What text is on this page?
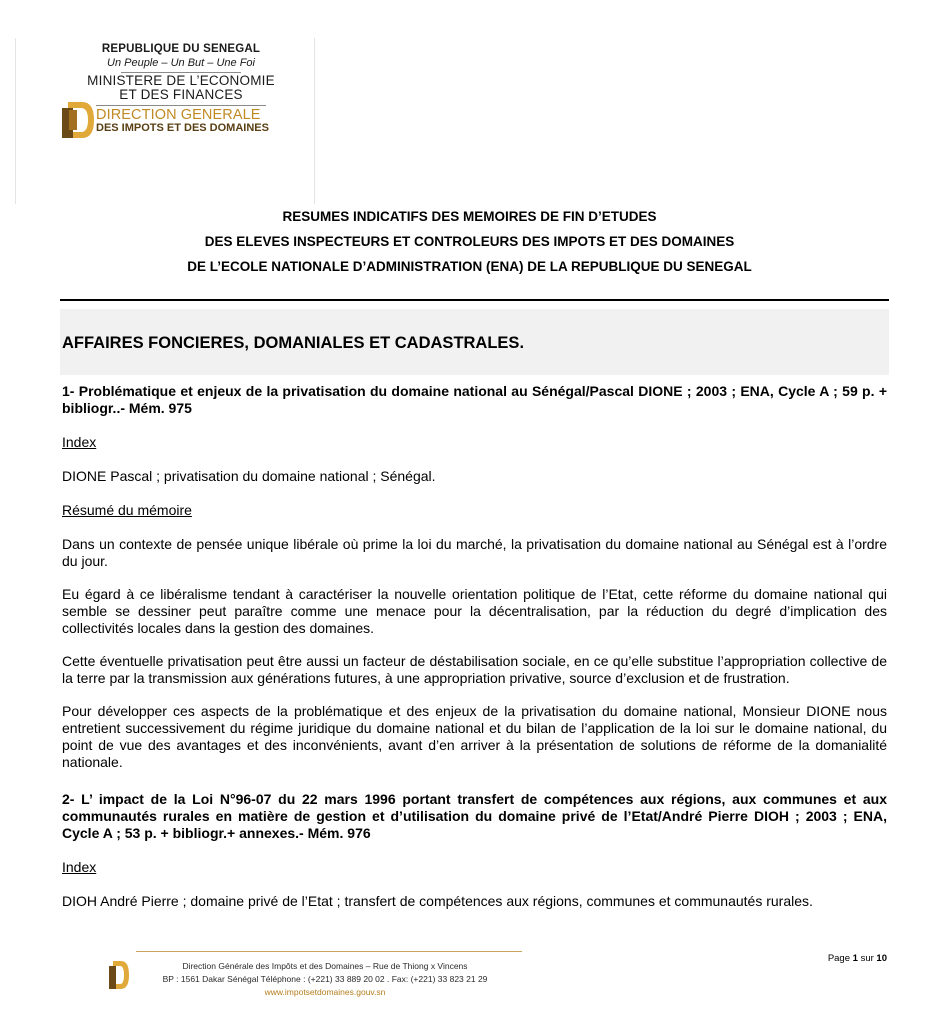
REPUBLIQUE DU SENEGAL
Un Peuple – Un But – Une Foi
MINISTERE DE L’ECONOMIE
ET DES FINANCES
DIRECTION GENERALE
DES IMPOTS ET DES DOMAINES
RESUMES INDICATIFS DES MEMOIRES DE FIN D’ETUDES
DES ELEVES INSPECTEURS ET CONTROLEURS DES IMPOTS ET DES DOMAINES
DE L’ECOLE NATIONALE D’ADMINISTRATION (ENA) DE LA REPUBLIQUE DU SENEGAL
AFFAIRES FONCIERES, DOMANIALES ET CADASTRALES.

1- Problématique et enjeux de la privatisation du domaine national au Sénégal/Pascal DIONE ; 2003 ; ENA, Cycle A ; 59 p. + bibliogr..- Mém. 975

Index

DIONE Pascal ; privatisation du domaine national ; Sénégal.

Résumé du mémoire

Dans un contexte de pensée unique libérale où prime la loi du marché, la privatisation du domaine national au Sénégal est à l’ordre du jour.

Eu égard à ce libéralisme tendant à caractériser la nouvelle orientation politique de l’Etat, cette réforme du domaine national qui semble se dessiner peut paraître comme une menace pour la décentralisation, par la réduction du degré d’implication des collectivités locales dans la gestion des domaines.

Cette éventuelle privatisation peut être aussi un facteur de déstabilisation sociale, en ce qu’elle substitue l’appropriation collective de la terre par la transmission aux générations futures, à une appropriation privative, source d’exclusion et de frustration.

Pour développer ces aspects de la problématique et des enjeux de la privatisation du domaine national, Monsieur DIONE nous entretient successivement du régime juridique du domaine national et du bilan de l’application de la loi sur le domaine national, du point de vue des avantages et des inconvénients, avant d’en arriver à la présentation de solutions de réforme de la domanialité nationale.

2- L’ impact de la Loi N°96-07 du 22 mars 1996 portant transfert de compétences aux régions, aux communes et aux communautés rurales en matière de gestion et d’utilisation du domaine privé de l’Etat/André Pierre DIOH ; 2003 ; ENA, Cycle A ; 53 p. + bibliogr.+ annexes.- Mém. 976

Index

DIOH André Pierre ; domaine privé de l’Etat ; transfert de compétences aux régions, communes et communautés rurales.

Direction Générale des Impôts et des Domaines – Rue de Thiong x Vincens
BP : 1561 Dakar Sénégal Téléphone : (+221) 33 889 20 02 . Fax: (+221) 33 823 21 29
www.impotsetdomaines.gouv.sn
Page 1 sur 10
